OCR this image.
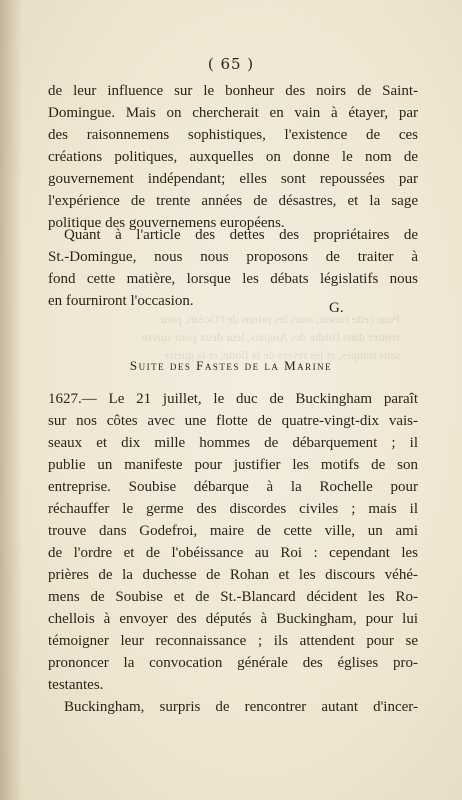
( 65 )
Pour cette raison, nous les prions de l'Océan, pour
rentrer dans l'ordre des Anglais, leur deux pour suivre
sans troupes, et les revers de la flotte, et la guerre
de leur influence sur le bonheur des noirs de Saint-
Domingue. Mais on chercherait en vain à étayer, par
des raisonnemens sophistiques, l'existence de ces
créations politiques, auxquelles on donne le nom de
gouvernement indépendant; elles sont repoussées par
l'expérience de trente années de désastres, et la sage
politique des gouvernemens européens.
Quant à l'article des dettes des propriétaires de
St.-Domingue, nous nous proposons de traiter à
fond cette matière, lorsque les débats législatifs nous
en fourniront l'occasion.	G.
Suite des Fastes de la Marine
1627.— Le 21 juillet, le duc de Buckingham paraît
sur nos côtes avec une flotte de quatre-vingt-dix vais-
seaux et dix mille hommes de débarquement ; il
publie un manifeste pour justifier les motifs de son
entreprise. Soubise débarque à la Rochelle pour
réchauffer le germe des discordes civiles ; mais il
trouve dans Godefroi, maire de cette ville, un ami
de l'ordre et de l'obéissance au Roi : cependant les
prières de la duchesse de Rohan et les discours véhé-
mens de Soubise et de St.-Blancard décident les Ro-
chellois à envoyer des députés à Buckingham, pour lui
témoigner leur reconnaissance ; ils attendent pour se
prononcer la convocation générale des églises pro-
testantes.
Buckingham, surpris de rencontrer autant d'incer-
